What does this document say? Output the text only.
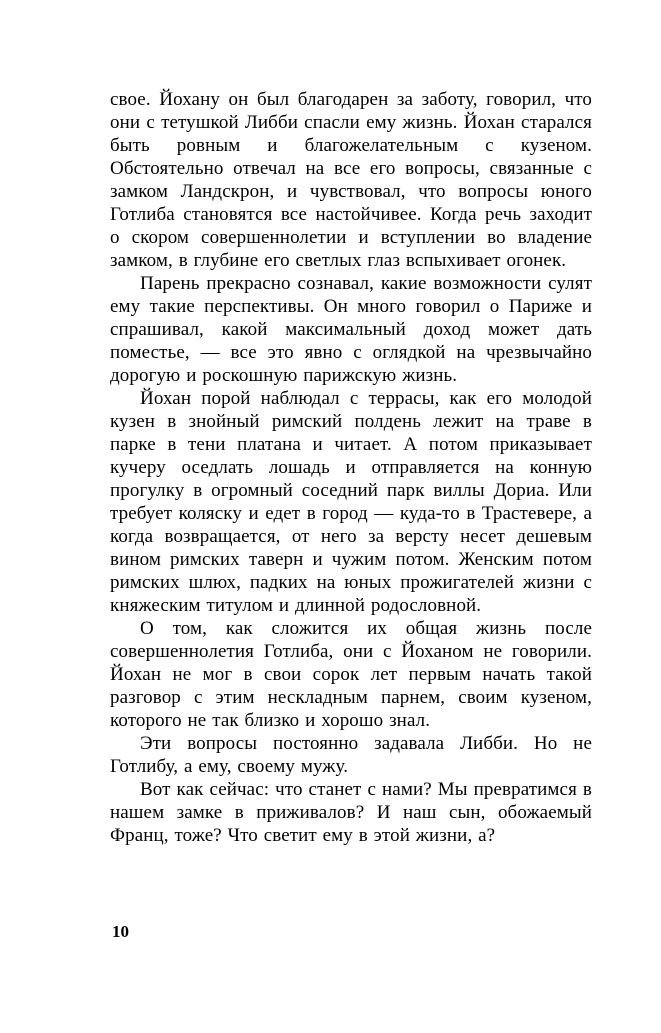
свое. Йохану он был благодарен за заботу, говорил, что они с тетушкой Либби спасли ему жизнь. Йохан старался быть ровным и благожелательным с кузеном. Обстоятельно отвечал на все его вопросы, связанные с замком Ландскрон, и чувствовал, что вопросы юного Готлиба становятся все настойчивее. Когда речь заходит о скором совершеннолетии и вступлении во владение замком, в глубине его светлых глаз вспыхивает огонек.

Парень прекрасно сознавал, какие возможности сулят ему такие перспективы. Он много говорил о Париже и спрашивал, какой максимальный доход может дать поместье, — все это явно с оглядкой на чрезвычайно дорогую и роскошную парижскую жизнь.

Йохан порой наблюдал с террасы, как его молодой кузен в знойный римский полдень лежит на траве в парке в тени платана и читает. А потом приказывает кучеру оседлать лошадь и отправляется на конную прогулку в огромный соседний парк виллы Дориа. Или требует коляску и едет в город — куда-то в Трастевере, а когда возвращается, от него за версту несет дешевым вином римских таверн и чужим потом. Женским потом римских шлюх, падких на юных прожигателей жизни с княжеским титулом и длинной родословной.

О том, как сложится их общая жизнь после совершеннолетия Готлиба, они с Йоханом не говорили. Йохан не мог в свои сорок лет первым начать такой разговор с этим нескладным парнем, своим кузеном, которого не так близко и хорошо знал.

Эти вопросы постоянно задавала Либби. Но не Готлибу, а ему, своему мужу.

Вот как сейчас: что станет с нами? Мы превратимся в нашем замке в приживалов? И наш сын, обожаемый Франц, тоже? Что светит ему в этой жизни, а?

10
